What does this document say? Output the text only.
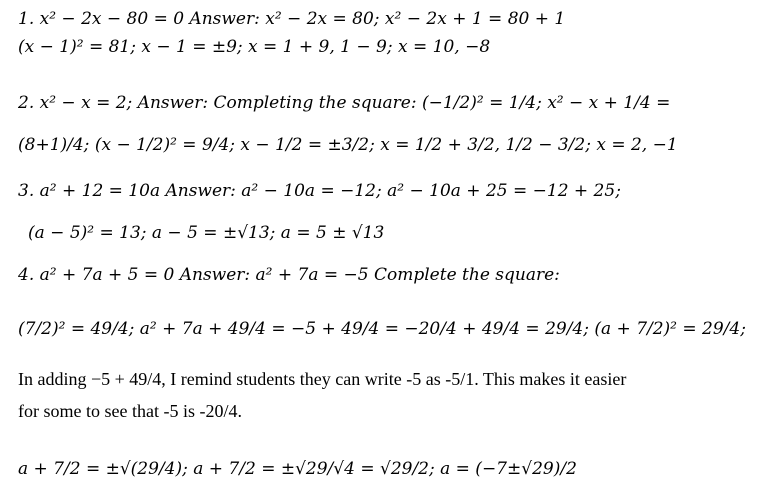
1. x² − 2x − 80 = 0 Answer: x² − 2x = 80; x² − 2x + 1 = 80 + 1
(x − 1)² = 81; x − 1 = ±9; x = 1 + 9, 1 − 9; x = 10, −8
2. x² − x = 2; Answer: Completing the square: (−1/2)² = 1/4; x² − x + 1/4 =
(8+1)/4; (x − 1/2)² = 9/4; x − 1/2 = ±3/2; x = 1/2 + 3/2, 1/2 − 3/2; x = 2, −1
3. a² + 12 = 10a Answer: a² − 10a = −12; a² − 10a + 25 = −12 + 25;
(a − 5)² = 13; a − 5 = ±√13; a = 5 ± √13
4. a² + 7a + 5 = 0 Answer: a² + 7a = −5 Complete the square:
(7/2)² = 49/4; a² + 7a + 49/4 = −5 + 49/4 = −20/4 + 49/4 = 29/4; (a + 7/2)² = 29/4;
In adding −5 + 49/4, I remind students they can write -5 as -5/1. This makes it easier
for some to see that -5 is -20/4.
a + 7/2 = ±√(29/4); a + 7/2 = ±√29/√4 = √29/2; a = (−7±√29)/2
